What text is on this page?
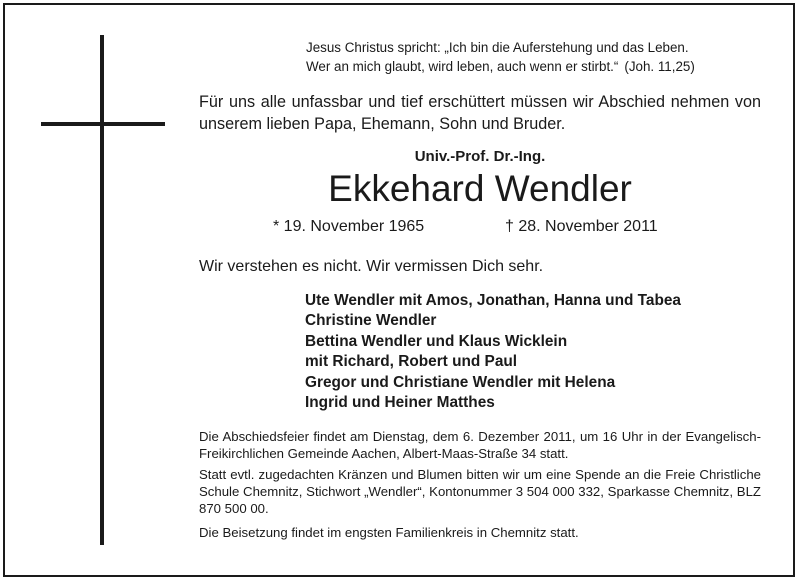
Jesus Christus spricht: „Ich bin die Auferstehung und das Leben.
Wer an mich glaubt, wird leben, auch wenn er stirbt.“ (Joh. 11,25)
Für uns alle unfassbar und tief erschüttert müssen wir Abschied nehmen von unserem lieben Papa, Ehemann, Sohn und Bruder.
Univ.-Prof. Dr.-Ing.
Ekkehard Wendler
* 19. November 1965	† 28. November 2011
Wir verstehen es nicht. Wir vermissen Dich sehr.
Ute Wendler mit Amos, Jonathan, Hanna und Tabea
Christine Wendler
Bettina Wendler und Klaus Wicklein
mit Richard, Robert und Paul
Gregor und Christiane Wendler mit Helena
Ingrid und Heiner Matthes
Die Abschiedsfeier findet am Dienstag, dem 6. Dezember 2011, um 16 Uhr in der Evangelisch-Freikirchlichen Gemeinde Aachen, Albert-Maas-Straße 34 statt.
Statt evtl. zugedachten Kränzen und Blumen bitten wir um eine Spende an die Freie Christliche Schule Chemnitz, Stichwort „Wendler“, Kontonummer 3 504 000 332, Sparkasse Chemnitz, BLZ 870 500 00.
Die Beisetzung findet im engsten Familienkreis in Chemnitz statt.
